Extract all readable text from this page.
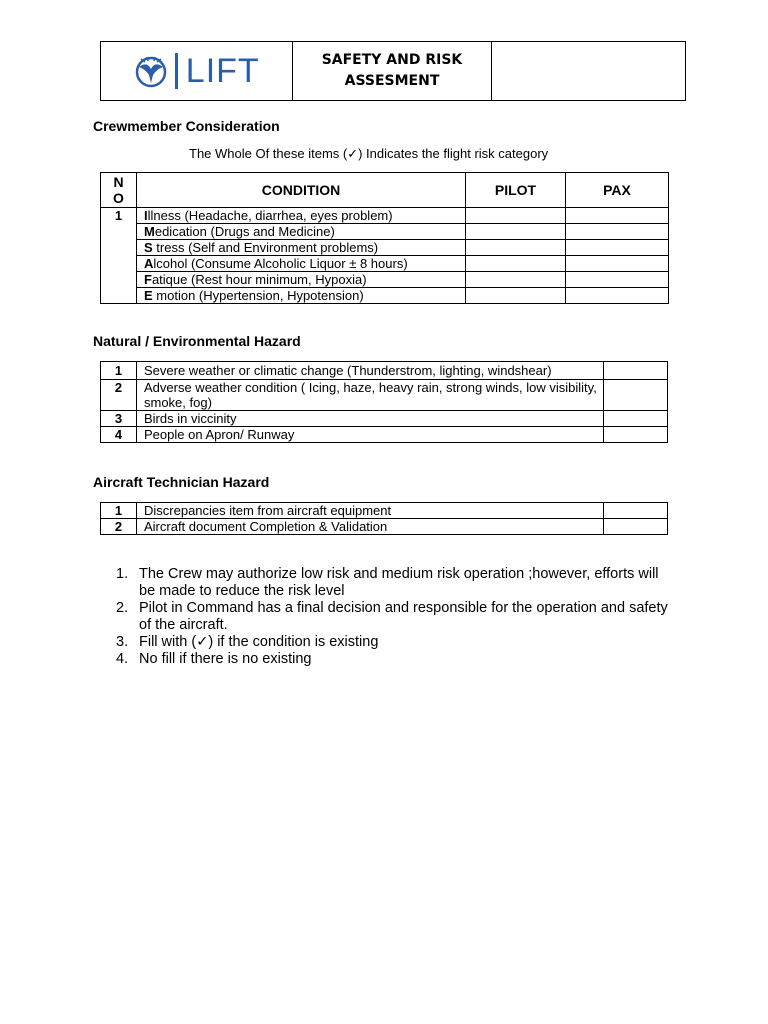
LIFT	SAFETY AND RISK
ASSESMENT

Crewmember Consideration
The Whole Of these items (✓) Indicates the flight risk category
N O	CONDITION	PILOT	PAX
1	Illness (Headache, diarrhea, eyes problem)		
	Medication (Drugs and Medicine)		
	S tress (Self and Environment problems)		
	Alcohol (Consume Alcoholic Liquor ± 8 hours)		
	Fatique (Rest hour minimum, Hypoxia)		
	E motion (Hypertension, Hypotension)		
Natural / Environmental Hazard
1	Severe weather or climatic change (Thunderstrom, lighting, windshear)	
2	Adverse weather condition ( Icing, haze, heavy rain, strong winds, low visibility, smoke, fog)	
3	Birds in viccinity	
4	People on Apron/ Runway	
Aircraft Technician Hazard
1	Discrepancies item from aircraft equipment	
2	Aircraft document Completion & Validation	
1. The Crew may authorize low risk and medium risk operation ;however, efforts will be made to reduce the risk level
2. Pilot in Command has a final decision and responsible for the operation and safety of the aircraft.
3. Fill with (✓) if the condition is existing
4. No fill if there is no existing
